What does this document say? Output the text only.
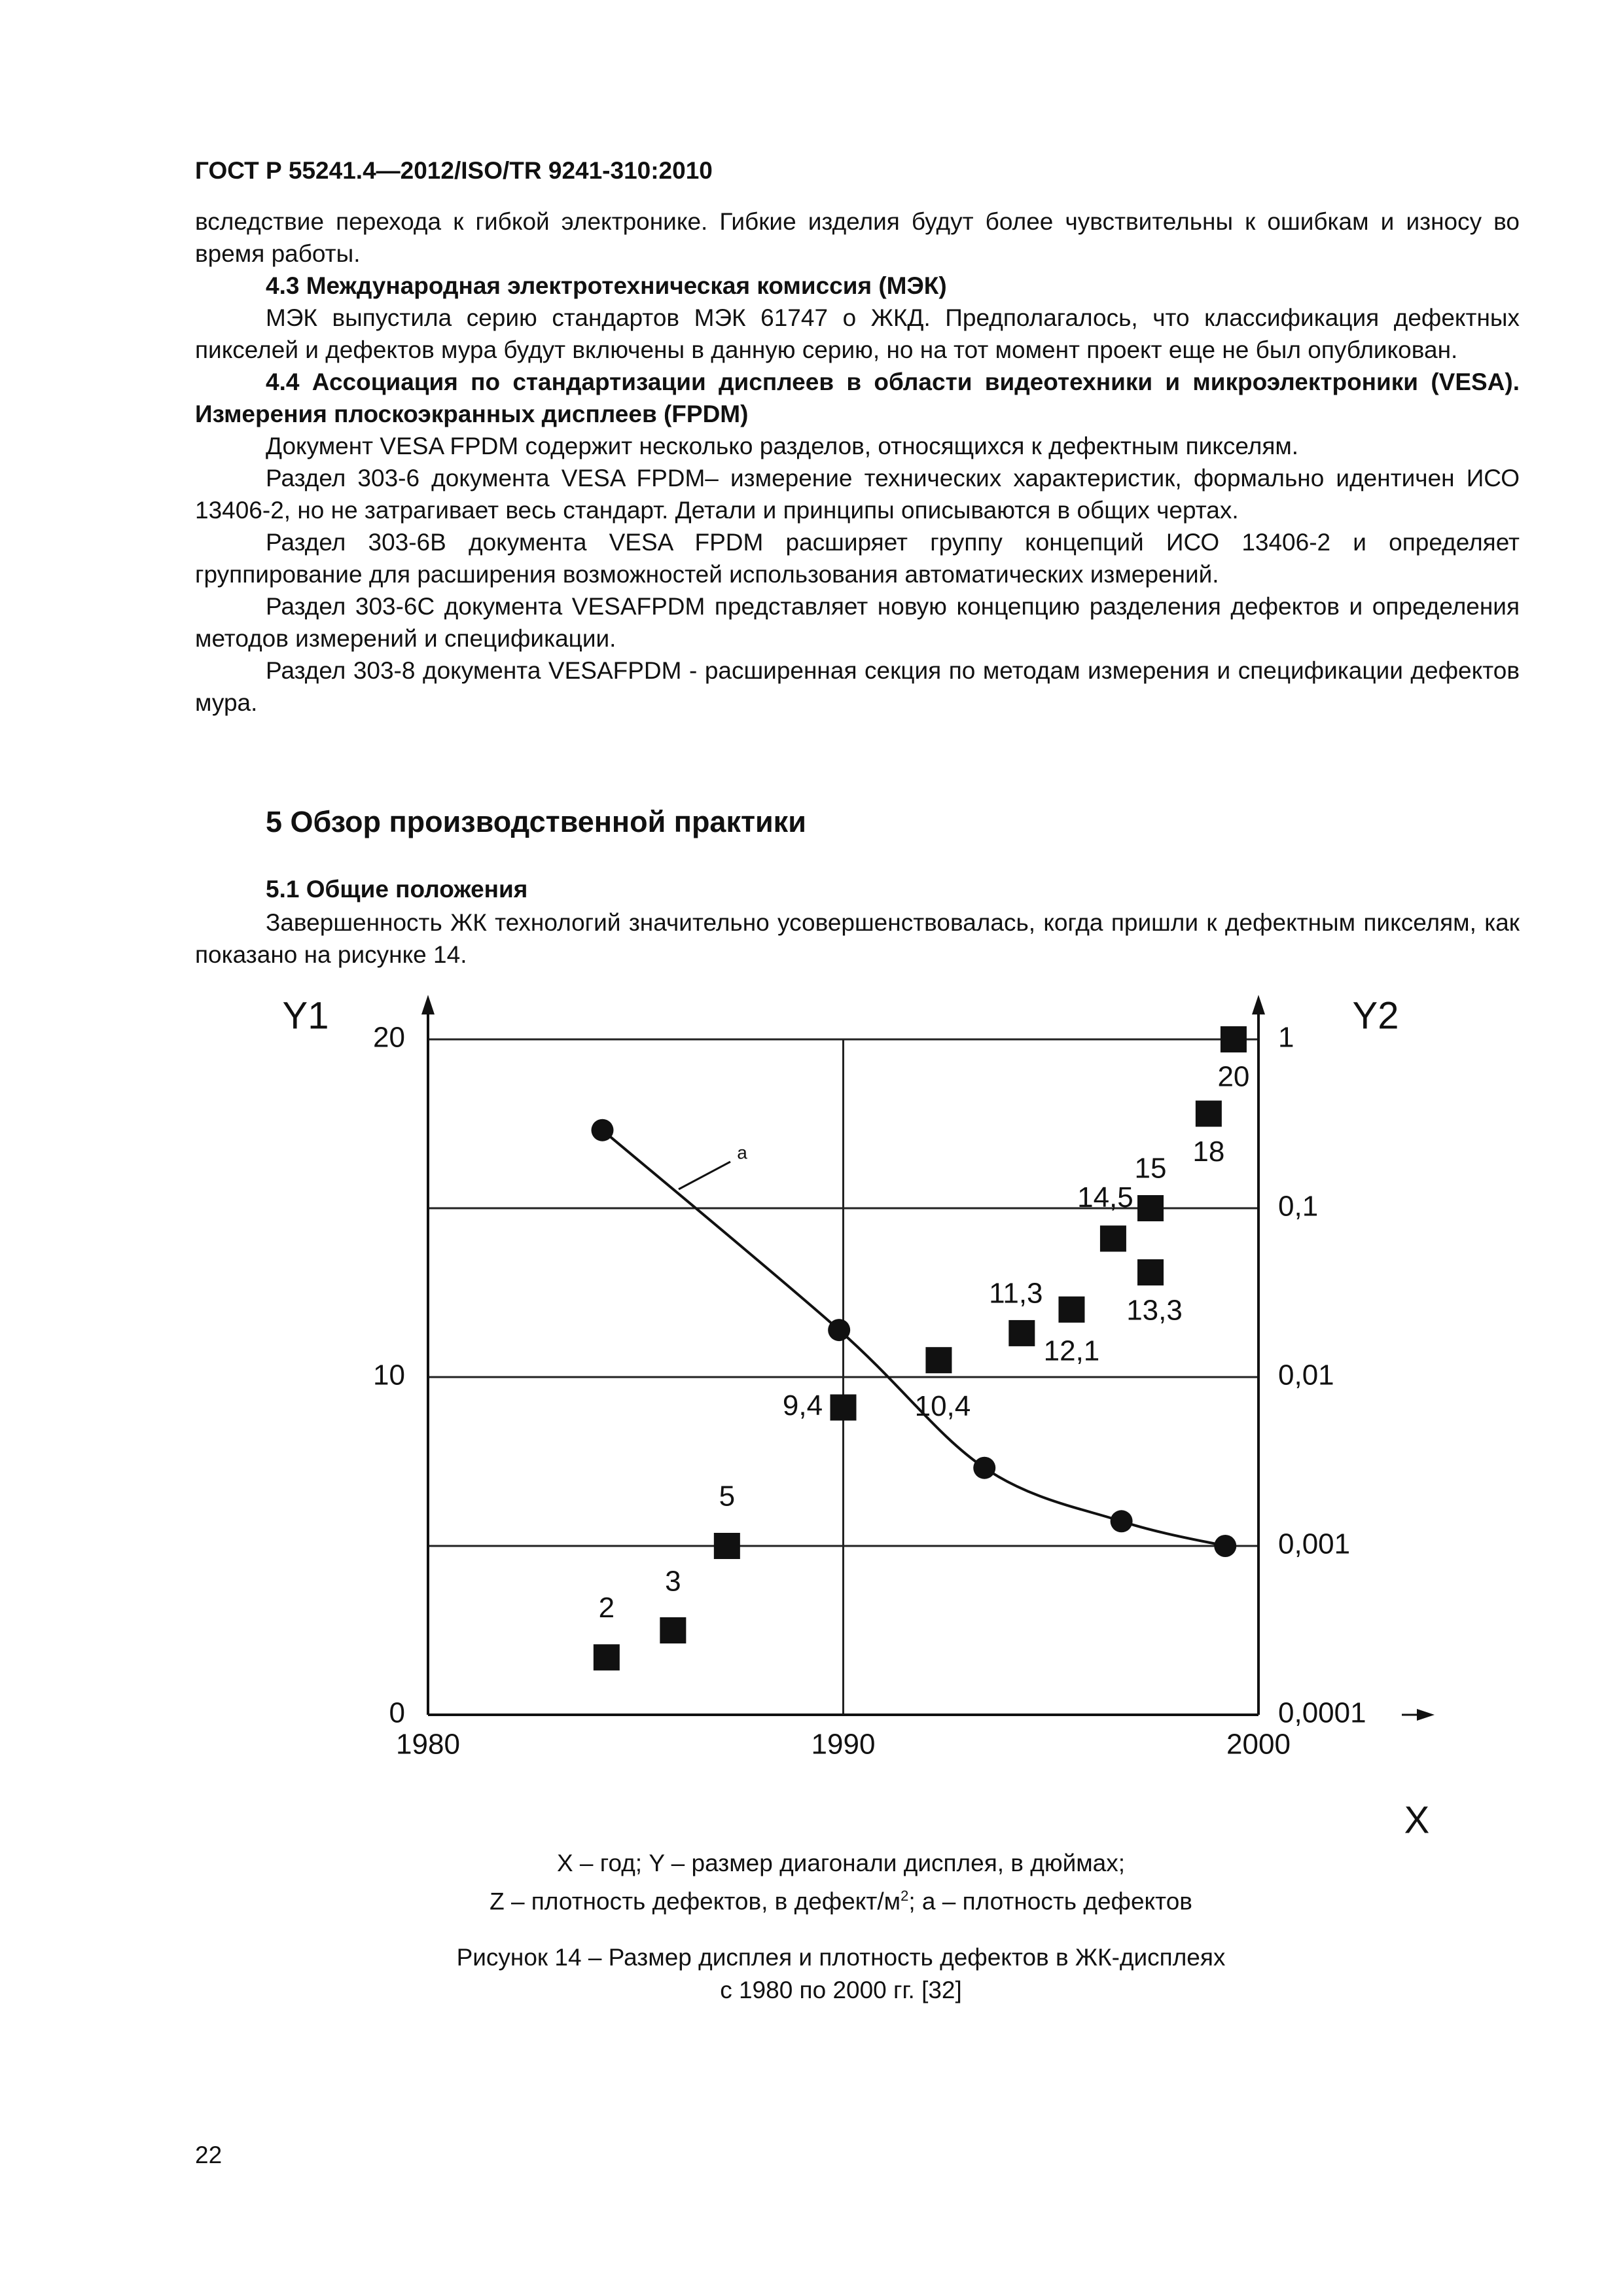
ГОСТ Р 55241.4—2012/ISO/TR 9241-310:2010

вследствие перехода к гибкой электронике. Гибкие изделия будут более чувствительны к ошибкам и износу во время работы.

4.3 Международная электротехническая комиссия (МЭК)

МЭК выпустила серию стандартов МЭК 61747 о ЖКД. Предполагалось, что классификация дефектных пикселей и дефектов мура будут включены в данную серию, но на тот момент проект еще не был опубликован.

4.4 Ассоциация по стандартизации дисплеев в области видеотехники и микроэлектроники (VESA). Измерения плоскоэкранных дисплеев (FPDM)

Документ VESA FPDM содержит несколько разделов, относящихся к дефектным пикселям.

Раздел 303-6 документа VESA FPDM– измерение технических характеристик, формально идентичен ИСО 13406-2, но не затрагивает весь стандарт. Детали и принципы описываются в общих чертах.

Раздел 303-6В документа VESA FPDM расширяет группу концепций ИСО 13406-2 и определяет группирование для расширения возможностей использования автоматических измерений.

Раздел 303-6С документа VESAFPDM представляет новую концепцию разделения дефектов и определения методов измерений и спецификации.

Раздел 303-8 документа VESAFPDM - расширенная секция по методам измерения и спецификации дефектов мура.

5 Обзор производственной практики
5.1 Общие положения

Завершенность ЖК технологий значительно усовершенствовалась, когда пришли к дефектным пикселям, как показано на рисунке 14.

Y1	Y2
X
0
10
20
0,0001
0,001
0,01
0,1
1
1980	1990	2000
a
2
3
5
9,4	10,4
11,3
12,1
14,5
15
13,3
18
20
X – год; Y – размер диагонали дисплея, в дюймах;
Z – плотность дефектов, в дефект/$м^2$; а – плотность дефектов
Рисунок 14 – Размер дисплея и плотность дефектов в ЖК-дисплеях
с 1980 по 2000 гг. [32]
22
